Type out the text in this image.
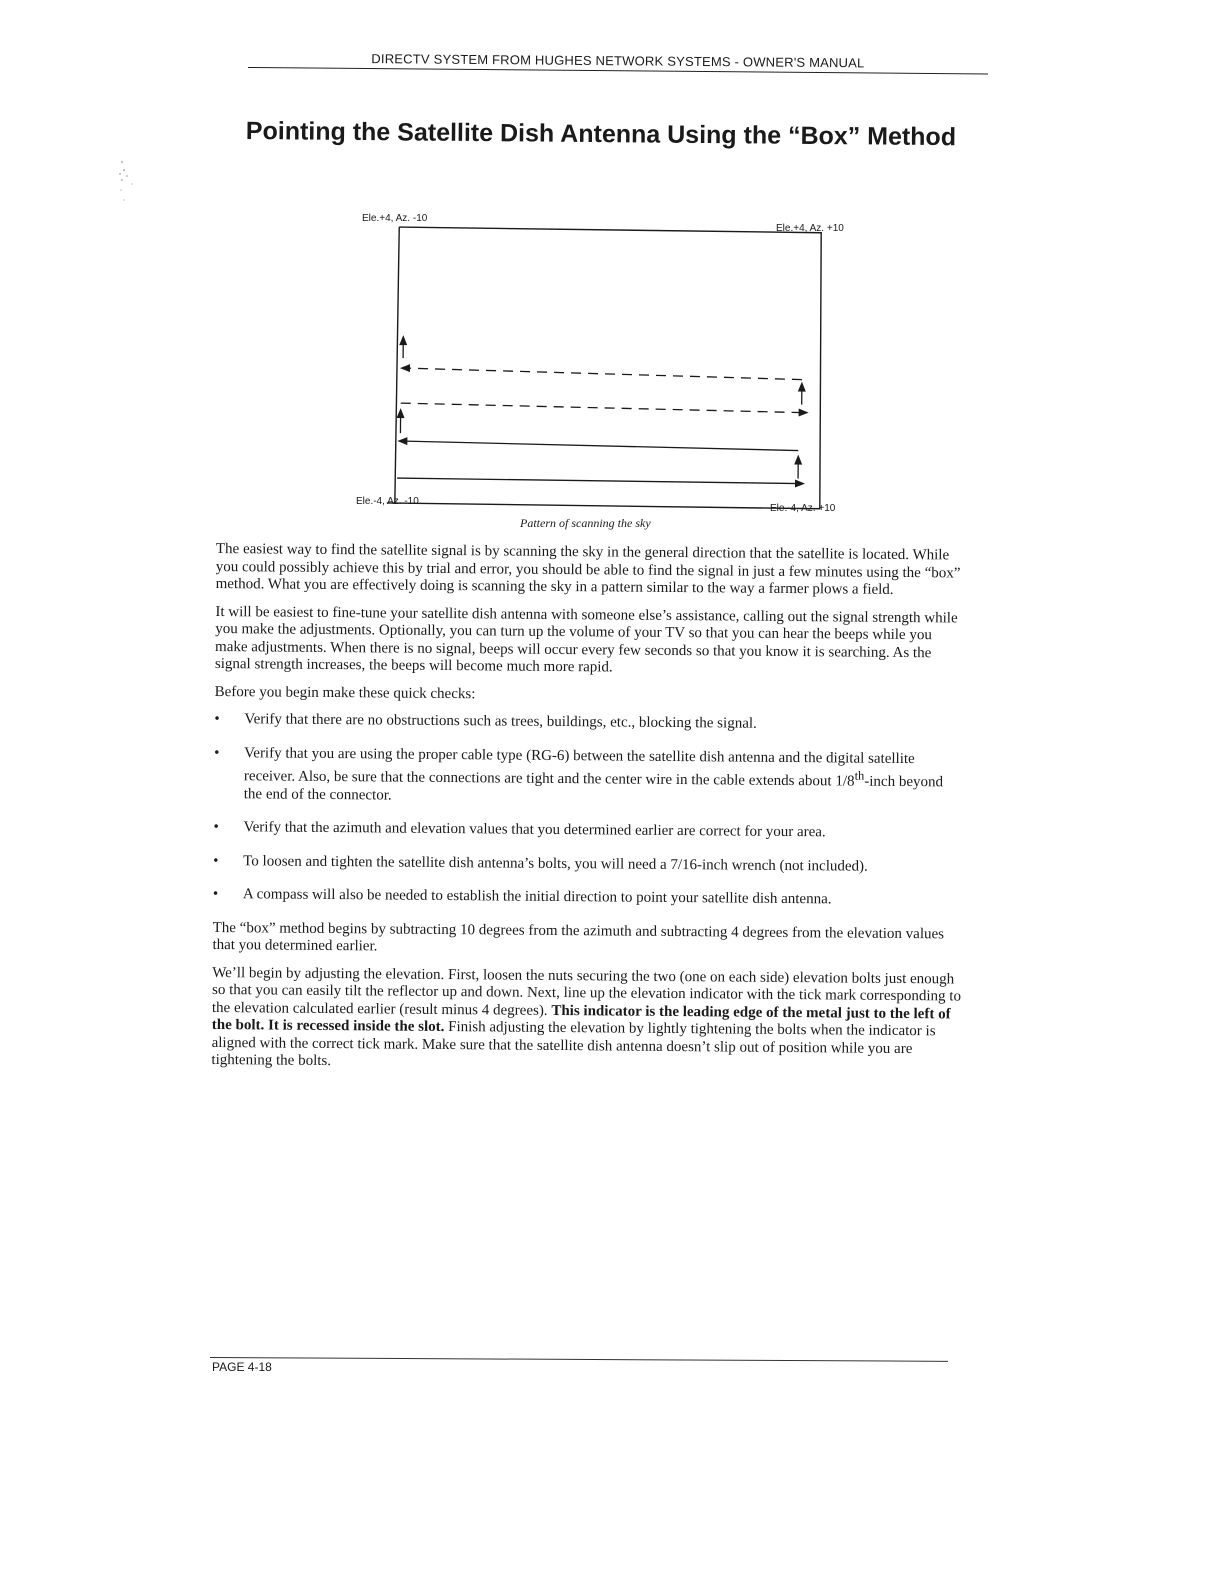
DIRECTV SYSTEM FROM HUGHES NETWORK SYSTEMS - OWNER'S MANUAL
Pointing the Satellite Dish Antenna Using the “Box” Method
Ele.+4, Az. -10
Ele.+4, Az. +10
Ele.-4, Az. -10
Ele.-4, Az. +10
Pattern of scanning the sky

The easiest way to find the satellite signal is by scanning the sky in the general direction that the satellite is located. While you could possibly achieve this by trial and error, you should be able to find the signal in just a few minutes using the “box” method. What you are effectively doing is scanning the sky in a pattern similar to the way a farmer plows a field.

It will be easiest to fine-tune your satellite dish antenna with someone else’s assistance, calling out the signal strength while you make the adjustments. Optionally, you can turn up the volume of your TV so that you can hear the beeps while you make adjustments. When there is no signal, beeps will occur every few seconds so that you know it is searching. As the signal strength increases, the beeps will become much more rapid.

Before you begin make these quick checks:

• Verify that there are no obstructions such as trees, buildings, etc., blocking the signal.
• Verify that you are using the proper cable type (RG-6) between the satellite dish antenna and the digital satellite receiver. Also, be sure that the connections are tight and the center wire in the cable extends about 1/8th-inch beyond the end of the connector.
• Verify that the azimuth and elevation values that you determined earlier are correct for your area.
• To loosen and tighten the satellite dish antenna’s bolts, you will need a 7/16-inch wrench (not included).
• A compass will also be needed to establish the initial direction to point your satellite dish antenna.

The “box” method begins by subtracting 10 degrees from the azimuth and subtracting 4 degrees from the elevation values that you determined earlier.

We’ll begin by adjusting the elevation. First, loosen the nuts securing the two (one on each side) elevation bolts just enough so that you can easily tilt the reflector up and down. Next, line up the elevation indicator with the tick mark corresponding to the elevation calculated earlier (result minus 4 degrees). This indicator is the leading edge of the metal just to the left of the bolt. It is recessed inside the slot. Finish adjusting the elevation by lightly tightening the bolts when the indicator is aligned with the correct tick mark. Make sure that the satellite dish antenna doesn’t slip out of position while you are tightening the bolts.

PAGE 4-18
